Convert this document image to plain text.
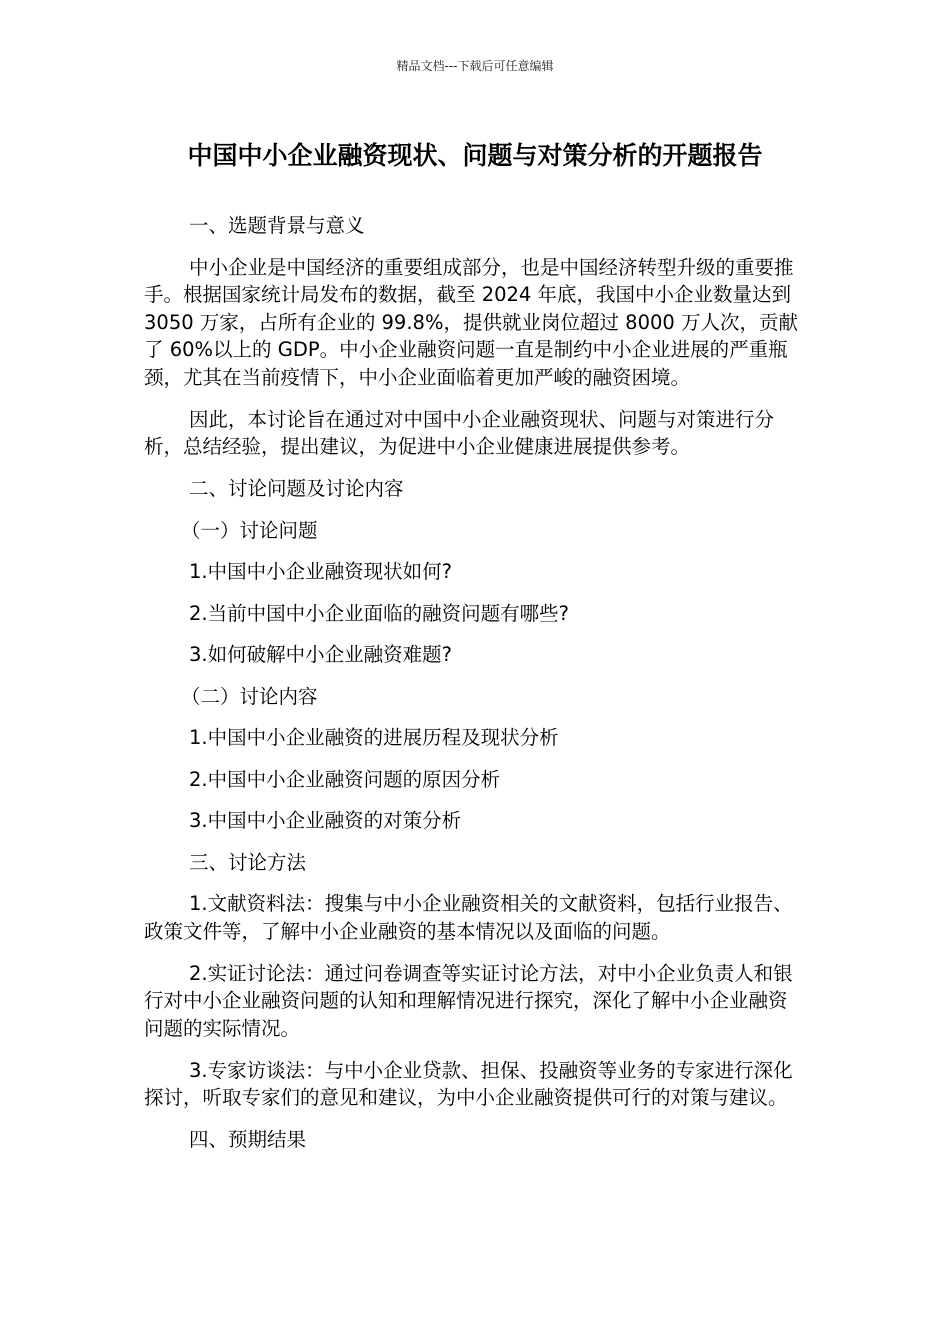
精品文档---下载后可任意编辑
中国中小企业融资现状、问题与对策分析的开题报告

一、选题背景与意义

中小企业是中国经济的重要组成部分，也是中国经济转型升级的重要推手。根据国家统计局发布的数据，截至 2024 年底，我国中小企业数量达到 3050 万家，占所有企业的 99.8%，提供就业岗位超过 8000 万人次，贡献了 60%以上的 GDP。中小企业融资问题一直是制约中小企业进展的严重瓶颈，尤其在当前疫情下，中小企业面临着更加严峻的融资困境。

因此，本讨论旨在通过对中国中小企业融资现状、问题与对策进行分析，总结经验，提出建议，为促进中小企业健康进展提供参考。

二、讨论问题及讨论内容

（一）讨论问题

1.中国中小企业融资现状如何?

2.当前中国中小企业面临的融资问题有哪些?

3.如何破解中小企业融资难题?

（二）讨论内容

1.中国中小企业融资的进展历程及现状分析

2.中国中小企业融资问题的原因分析

3.中国中小企业融资的对策分析

三、讨论方法

1.文献资料法：搜集与中小企业融资相关的文献资料，包括行业报告、政策文件等，了解中小企业融资的基本情况以及面临的问题。

2.实证讨论法：通过问卷调查等实证讨论方法，对中小企业负责人和银行对中小企业融资问题的认知和理解情况进行探究，深化了解中小企业融资问题的实际情况。

3.专家访谈法：与中小企业贷款、担保、投融资等业务的专家进行深化探讨，听取专家们的意见和建议，为中小企业融资提供可行的对策与建议。

四、预期结果
